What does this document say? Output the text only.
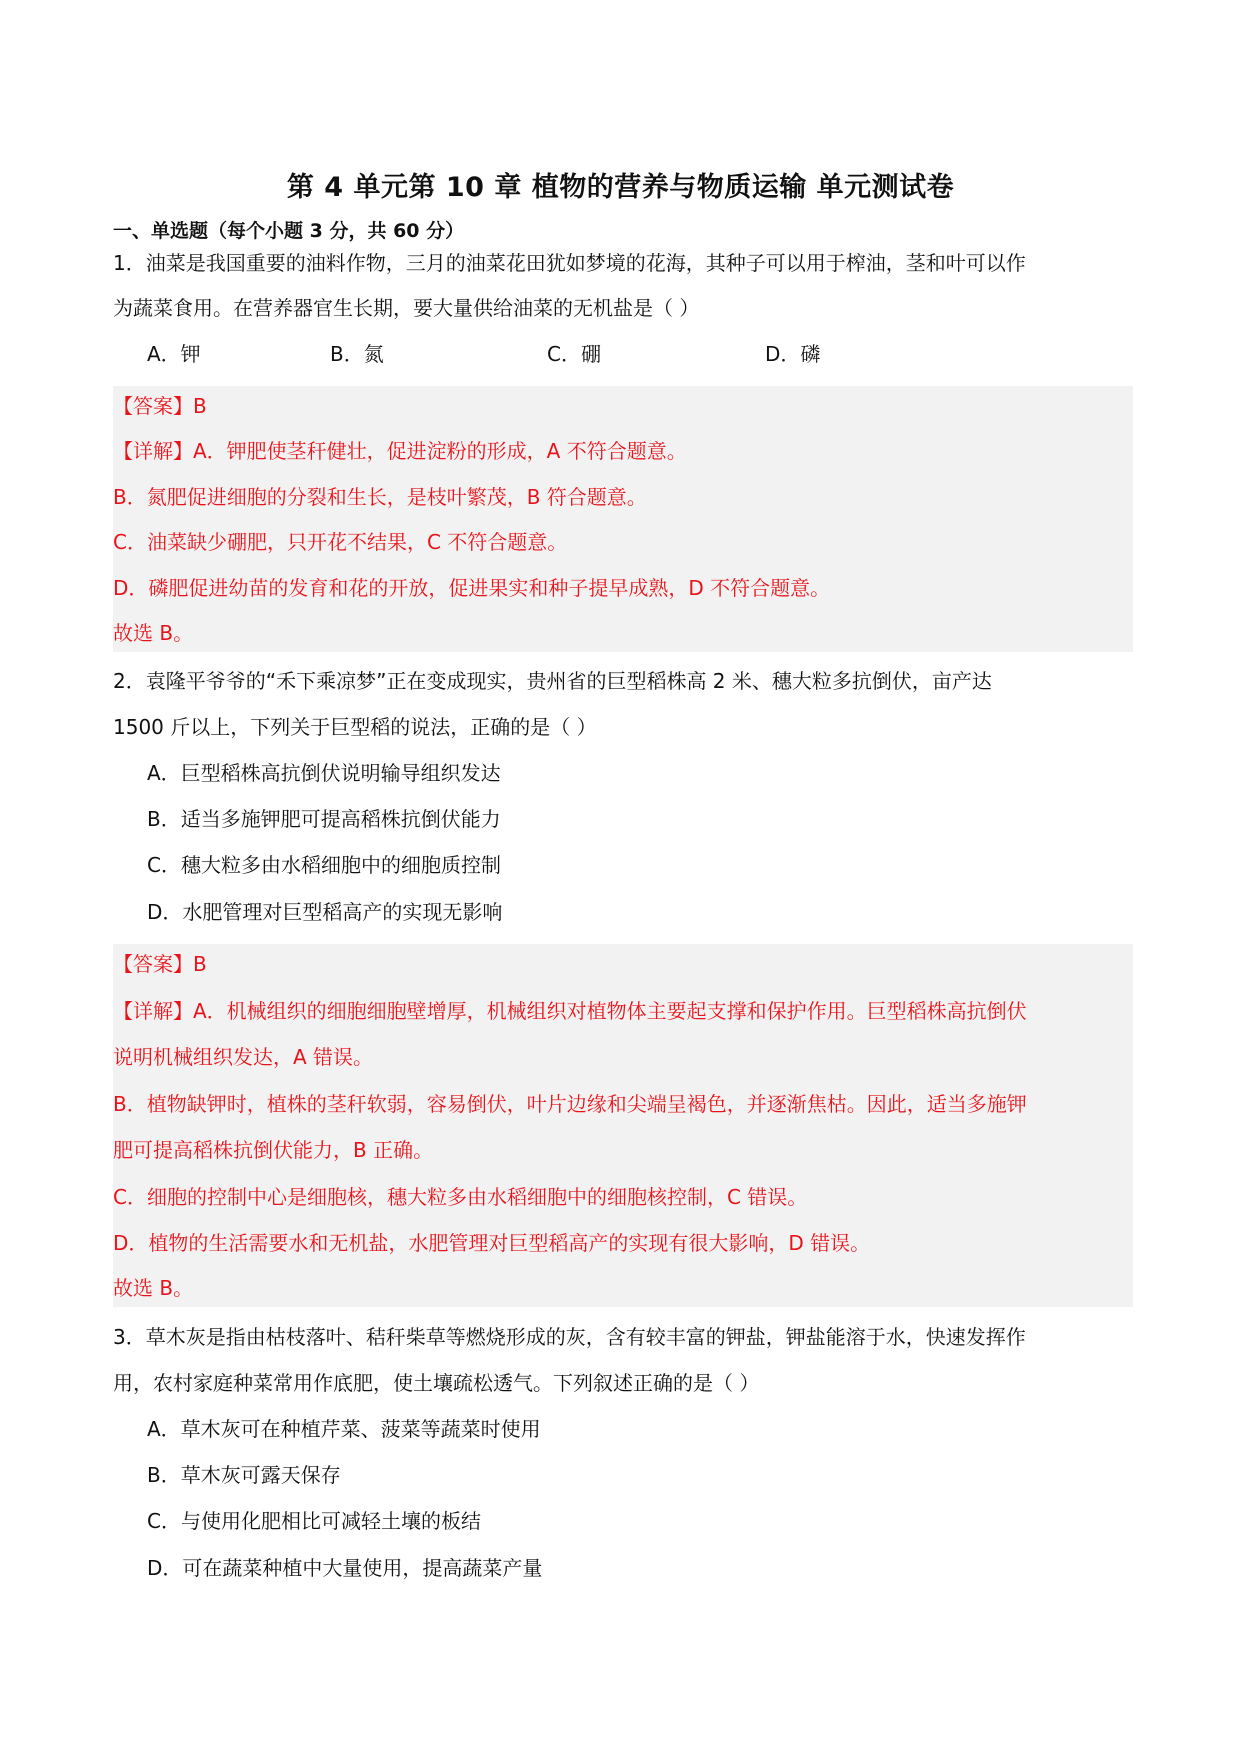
第 4 单元第 10 章 植物的营养与物质运输 单元测试卷
一、单选题（每个小题 3 分，共 60 分）
1．油菜是我国重要的油料作物，三月的油菜花田犹如梦境的花海，其种子可以用于榨油，茎和叶可以作
为蔬菜食用。在营养器官生长期，要大量供给油菜的无机盐是（ ）
A．钾	B．氮	C．硼	D．磷
【答案】B
【详解】A．钾肥使茎秆健壮，促进淀粉的形成，A 不符合题意。
B．氮肥促进细胞的分裂和生长，是枝叶繁茂，B 符合题意。
C．油菜缺少硼肥，只开花不结果，C 不符合题意。
D．磷肥促进幼苗的发育和花的开放，促进果实和种子提早成熟，D 不符合题意。
故选 B。
2．袁隆平爷爷的“禾下乘凉梦”正在变成现实，贵州省的巨型稻株高 2 米、穗大粒多抗倒伏，亩产达
1500 斤以上，下列关于巨型稻的说法，正确的是（ ）
A．巨型稻株高抗倒伏说明输导组织发达
B．适当多施钾肥可提高稻株抗倒伏能力
C．穗大粒多由水稻细胞中的细胞质控制
D．水肥管理对巨型稻高产的实现无影响
【答案】B
【详解】A．机械组织的细胞细胞壁增厚，机械组织对植物体主要起支撑和保护作用。巨型稻株高抗倒伏
说明机械组织发达，A 错误。
B．植物缺钾时，植株的茎秆软弱，容易倒伏，叶片边缘和尖端呈褐色，并逐渐焦枯。因此，适当多施钾
肥可提高稻株抗倒伏能力，B 正确。
C．细胞的控制中心是细胞核，穗大粒多由水稻细胞中的细胞核控制，C 错误。
D．植物的生活需要水和无机盐，水肥管理对巨型稻高产的实现有很大影响，D 错误。
故选 B。
3．草木灰是指由枯枝落叶、秸秆柴草等燃烧形成的灰，含有较丰富的钾盐，钾盐能溶于水，快速发挥作
用，农村家庭种菜常用作底肥，使土壤疏松透气。下列叙述正确的是（ ）
A．草木灰可在种植芹菜、菠菜等蔬菜时使用
B．草木灰可露天保存
C．与使用化肥相比可减轻土壤的板结
D．可在蔬菜种植中大量使用，提高蔬菜产量
